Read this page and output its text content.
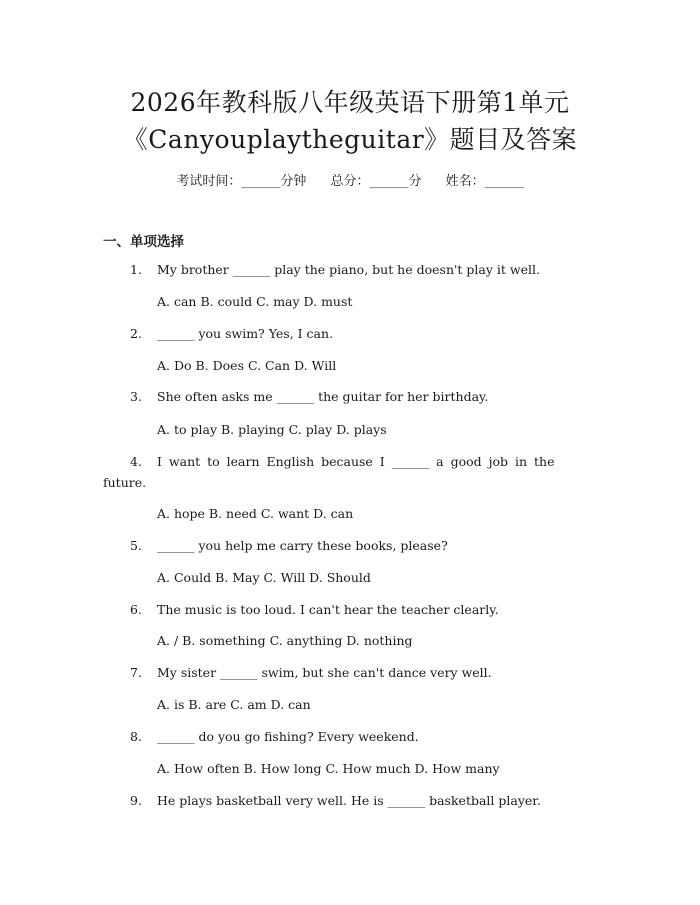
2026年教科版八年级英语下册第1单元
《Canyouplaytheguitar》题目及答案
考试时间：______分钟 总分：______分 姓名：______
一、单项选择
1.	My brother ______ play the piano, but he doesn't play it well.
A. can B. could C. may D. must
2.	______ you swim? Yes, I can.
A. Do B. Does C. Can D. Will
3.	She often asks me ______ the guitar for her birthday.
A. to play B. playing C. play D. plays
4.	I want to learn English because I ______ a good job in the
future.
A. hope B. need C. want D. can
5.	______ you help me carry these books, please?
A. Could B. May C. Will D. Should
6.	The music is too loud. I can't hear the teacher clearly.
A. / B. something C. anything D. nothing
7.	My sister ______ swim, but she can't dance very well.
A. is B. are C. am D. can
8.	______ do you go fishing? Every weekend.
A. How often B. How long C. How much D. How many
9.	He plays basketball very well. He is ______ basketball player.
